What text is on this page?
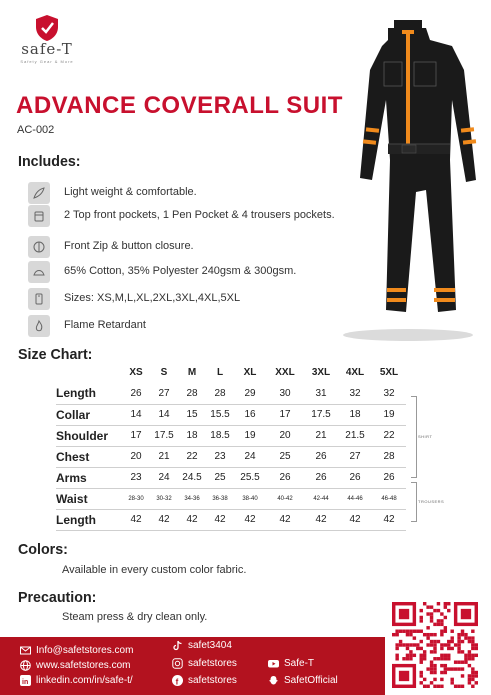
safe-T
Safety Gear & More
ADVANCE COVERALL SUIT
AC-002
Includes:
Light weight & comfortable.
2 Top front pockets, 1 Pen Pocket & 4 trousers pockets.
Front Zip & button closure.
65% Cotton, 35% Polyester 240gsm & 300gsm.
Sizes: XS,M,L,XL,2XL,3XL,4XL,5XL
Flame Retardant
Size Chart:
	XS	S	M	L	XL	XXL	3XL	4XL	5XL
Length	26	27	28	28	29	30	31	32	32
Collar	14	14	15	15.5	16	17	17.5	18	19
Shoulder	17	17.5	18	18.5	19	20	21	21.5	22
Chest	20	21	22	23	24	25	26	27	28
Arms	23	24	24.5	25	25.5	26	26	26	26
Waist	28-30	30-32	34-36	36-38	38-40	40-42	42-44	44-46	46-48
Length	42	42	42	42	42	42	42	42	42
SHIRT
TROUSERS
Colors:
Available in every custom color fabric.
Precaution:
Steam press & dry clean only.
Info@safetstores.com
www.safetstores.com
in linkedin.com/in/safe-t/
safet3404
safetstores
f safetstores
Safe-T
SafetOfficial
